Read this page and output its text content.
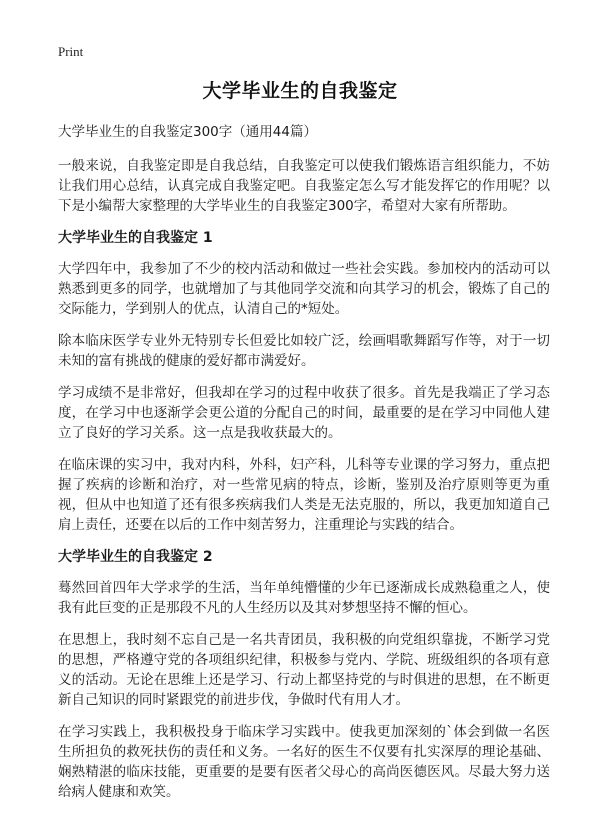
Print
大学毕业生的自我鉴定

大学毕业生的自我鉴定300字（通用44篇）

一般来说，自我鉴定即是自我总结，自我鉴定可以使我们锻炼语言组织能力，不妨让我们用心总结，认真完成自我鉴定吧。自我鉴定怎么写才能发挥它的作用呢？以下是小编帮大家整理的大学毕业生的自我鉴定300字，希望对大家有所帮助。

大学毕业生的自我鉴定 1

大学四年中，我参加了不少的校内活动和做过一些社会实践。参加校内的活动可以熟悉到更多的同学，也就增加了与其他同学交流和向其学习的机会，锻炼了自己的交际能力，学到别人的优点，认清自己的*短处。

除本临床医学专业外无特别专长但爱比如较广泛，绘画唱歌舞蹈写作等，对于一切未知的富有挑战的健康的爱好都市满爱好。

学习成绩不是非常好，但我却在学习的过程中收获了很多。首先是我端正了学习态度，在学习中也逐渐学会更公道的分配自己的时间，最重要的是在学习中同他人建立了良好的学习关系。这一点是我收获最大的。

在临床课的实习中，我对内科，外科，妇产科，儿科等专业课的学习努力，重点把握了疾病的诊断和治疗，对一些常见病的特点，诊断，鉴别及治疗原则等更为重视，但从中也知道了还有很多疾病我们人类是无法克服的，所以，我更加知道自己肩上责任，还要在以后的工作中刻苦努力，注重理论与实践的结合。

大学毕业生的自我鉴定 2

蓦然回首四年大学求学的生活，当年单纯懵懂的少年已逐渐成长成熟稳重之人，使我有此巨变的正是那段不凡的人生经历以及其对梦想坚持不懈的恒心。

在思想上，我时刻不忘自己是一名共青团员，我积极的向党组织靠拢，不断学习党的思想，严格遵守党的各项组织纪律，积极参与党内、学院、班级组织的各项有意义的活动。无论在思维上还是学习、行动上都坚持党的与时俱进的思想，在不断更新自己知识的同时紧跟党的前进步伐，争做时代有用人才。

在学习实践上，我积极投身于临床学习实践中。使我更加深刻的`体会到做一名医生所担负的救死扶伤的责任和义务。一名好的医生不仅要有扎实深厚的理论基础、娴熟精湛的临床技能，更重要的是要有医者父母心的高尚医德医风。尽最大努力送给病人健康和欢笑。
